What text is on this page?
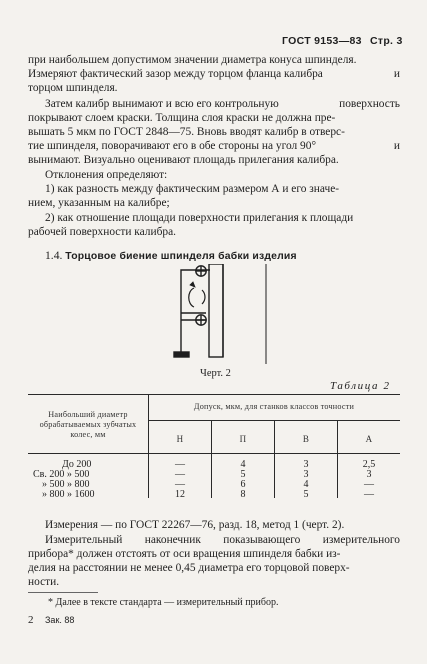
ГОСТ 9153—83 Стр. 3
при наибольшем допустимом значении диаметра конуса шпинделя.
Измеряют фактический зазор между торцом фланца калибра	и
торцом шпинделя.
Затем калибр вынимают и всю его контрольную	поверхность
покрывают слоем краски. Толщина слоя краски не должна пре-
вышать 5 мкм по ГОСТ 2848—75. Вновь вводят калибр в отверс-
тие шпинделя, поворачивают его в обе стороны на угол 90°	и
вынимают. Визуально оценивают площадь прилегания калибра.
Отклонения определяют:
1) как разность между фактическим размером А и его значе-
нием, указанным на калибре;
2) как отношение площади поверхности прилегания к площади
рабочей поверхности калибра.
1.4. Торцовое биение шпинделя бабки изделия
Черт. 2
Таблица 2
Наибольший диаметр
обрабатываемых зубчатых
колес, мм
Допуск, мкм, для станков классов точности
Н	П	В	А
До 200	—	4	3	2,5
Св. 200 » 500	—	5	3	3
» 500 » 800	—	6	4	—
» 800 » 1600	12	8	5	—
Измерения — по ГОСТ 22267—76, разд. 18, метод 1 (черт. 2).
Измерительный наконечник показывающего измерительного
прибора* должен отстоять от оси вращения шпинделя бабки из-
делия на расстоянии не менее 0,45 диаметра его торцовой поверх-
ности.
* Далее в тексте стандарта — измерительный прибор.
2 Зак. 88
